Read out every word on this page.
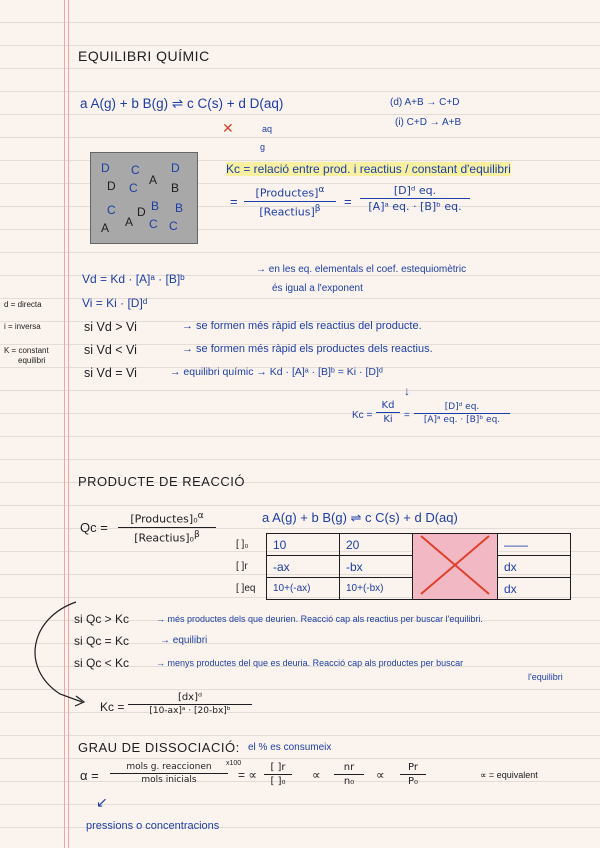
EQUILIBRI QUÍMIC
a A(g) + b B(g) ⇌ c C(s) + d D(aq)	(d) A+B → C+D
(i) C+D → A+B
aq
g
✕
D C	D
D	A
B
C
D B
C
A	C
B
A C
Kc = relació entre prod. i reactius / constant d'equilibri
=
[Productes]$^\alpha$
[Reactius]$^\beta$	=
[D]ᵈ eq.
[A]ᵃ eq. · [B]ᵇ eq.
Vd = Kd · [A]ᵃ · [B]ᵇ
→ en les eq. elementals el coef. estequiomètric
és igual a l'exponent
Vi = Ki · [D]ᵈ
d = directa
i = inversa
K = constant
equilibri
si Vd > Vi	→ se formen més ràpid els reactius del producte.
si Vd < Vi	→ se formen més ràpid els productes dels reactius.
si Vd = Vi	→ equilibri químic → Kd · [A]ᵃ · [B]ᵇ = Ki · [D]ᵈ
↓
Kc =
Kd
Ki	=
[D]ᵈ eq.
[A]ᵃ eq. · [B]ᵇ eq.
PRODUCTE DE REACCIÓ
Qc =
[Productes]₀$^\alpha$
[Reactius]₀$^\beta$
a A(g) + b B(g) ⇌ c C(s) + d D(aq)
[ ]₀	10	20		——
[ ]r	-ax	-bx		dx
[ ]eq	10+(-ax)	10+(-bx)		dx
si Qc > Kc	→ més productes dels que deurien. Reacció cap als reactius per buscar l'equilibri.
si Qc = Kc	→ equilibri
si Qc < Kc	→ menys productes del que es deuria. Reacció cap als productes per buscar
l'equilibri
Kc =
[dx]ᵈ
[10-ax]ᵃ · [20-bx]ᵇ
GRAU DE DISSOCIACIÓ: el % es consumeix
α =
mols g. reaccionen
mols inicials
x100
= ∝
[ ]r
[ ]₀	∝
nr
n₀	∝
Pr
P₀
∝ = equivalent
↙
pressions o concentracions
